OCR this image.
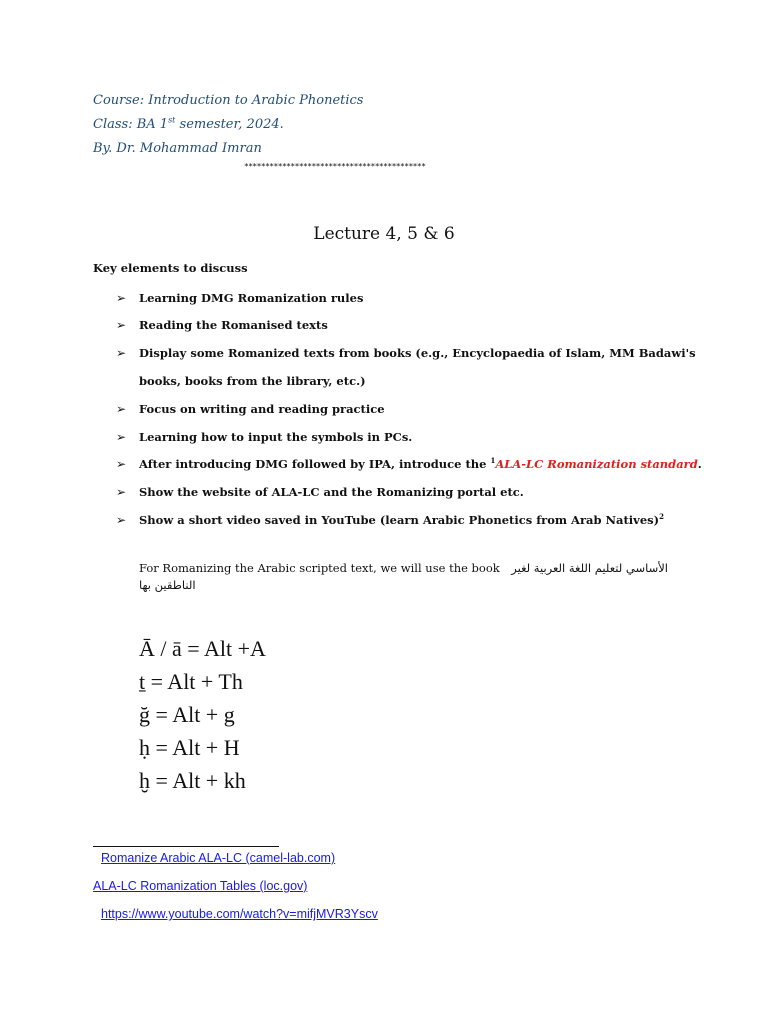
Course: Introduction to Arabic Phonetics
Class: BA 1st semester, 2024.
By. Dr. Mohammad Imran
*******************************************
Lecture 4, 5 & 6
Key elements to discuss
➢ Learning DMG Romanization rules
➢ Reading the Romanised texts
➢ Display some Romanized texts from books (e.g., Encyclopaedia of Islam, MM Badawi's
books, books from the library, etc.)
➢ Focus on writing and reading practice
➢ Learning how to input the symbols in PCs.
➢ After introducing DMG followed by IPA, introduce the $^1$ALA-LC Romanization standard.
➢ Show the website of ALA-LC and the Romanizing portal etc.
➢ Show a short video saved in YouTube (learn Arabic Phonetics from Arab Natives)$^2$
For Romanizing the Arabic scripted text, we will use the book	الأساسي لتعليم اللغة العربية لغير
الناطقين بها
Ā / ā = Alt +A
ṯ = Alt + Th
ğ = Alt + g
ḥ = Alt + H
ḫ = Alt + kh
Romanize Arabic ALA-LC (camel-lab.com)
ALA-LC Romanization Tables (loc.gov)
https://www.youtube.com/watch?v=mifjMVR3Yscv
